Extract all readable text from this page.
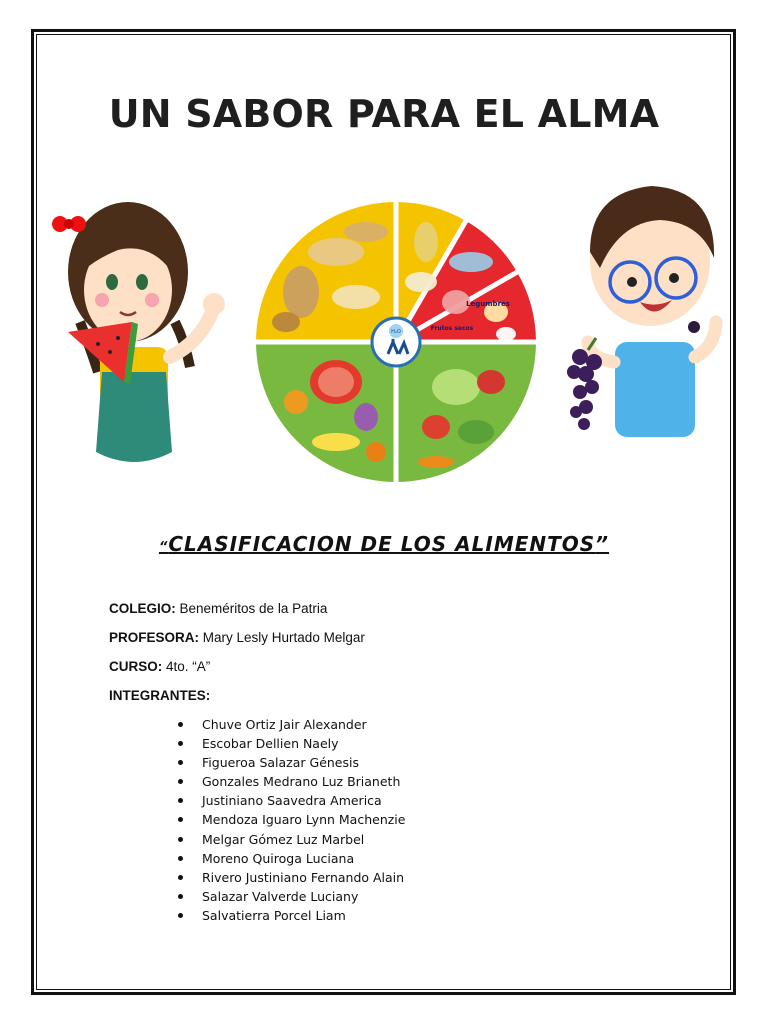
UN SABOR PARA EL ALMA
Legumbres
Frutos secos
H₂O
“CLASIFICACION DE LOS ALIMENTOS”
COLEGIO: Beneméritos de la Patria
PROFESORA: Mary Lesly Hurtado Melgar
CURSO: 4to. “A”
INTEGRANTES:
Chuve Ortiz Jair Alexander
Escobar Dellien Naely
Figueroa Salazar Génesis
Gonzales Medrano Luz Brianeth
Justiniano Saavedra America
Mendoza Iguaro Lynn Machenzie
Melgar Gómez Luz Marbel
Moreno Quiroga Luciana
Rivero Justiniano Fernando Alain
Salazar Valverde Luciany
Salvatierra Porcel Liam
